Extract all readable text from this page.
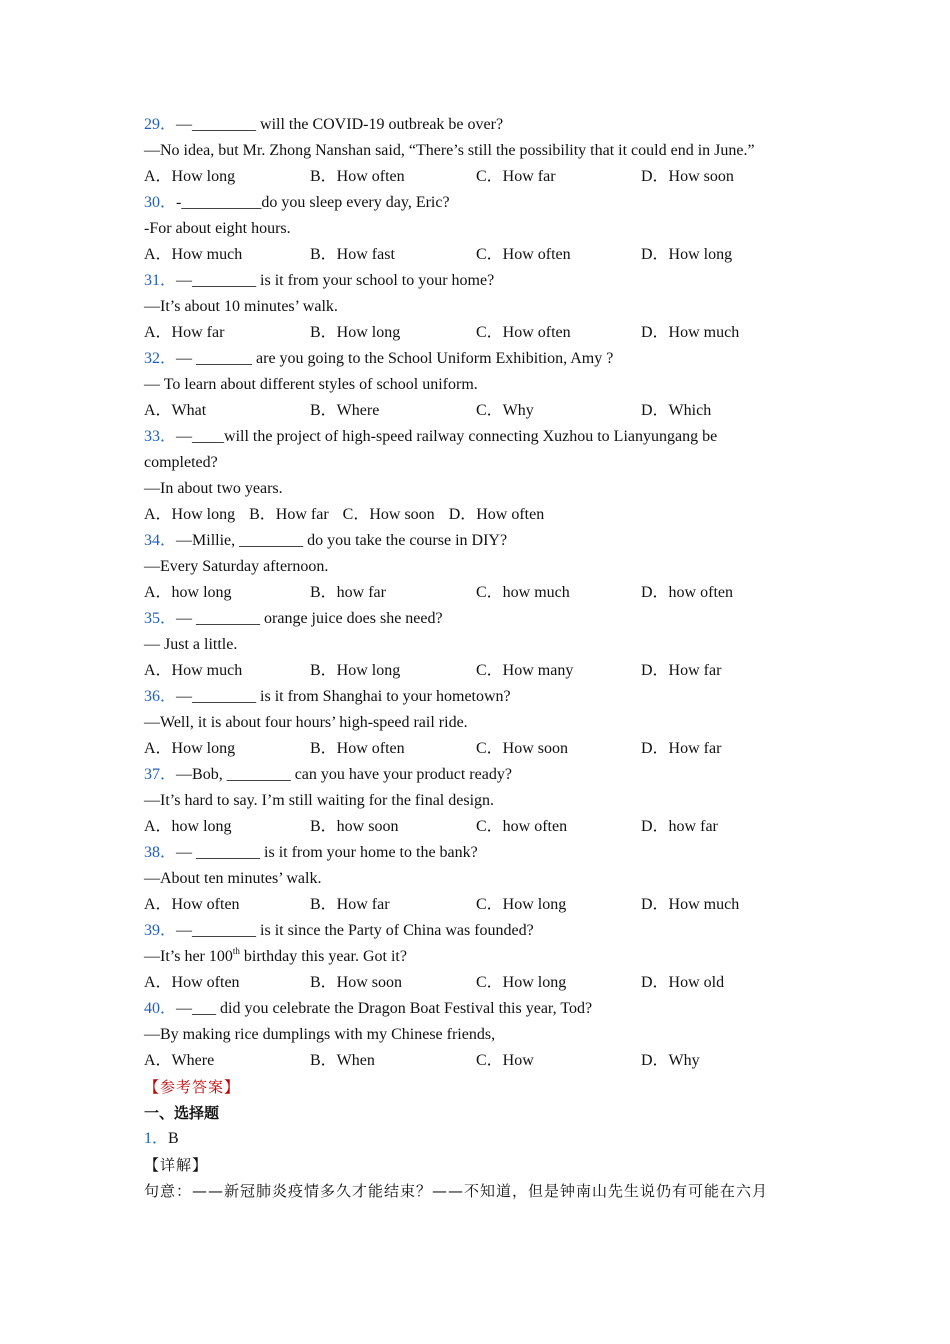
29．—________ will the COVID-19 outbreak be over?
—No idea, but Mr. Zhong Nanshan said, “There’s still the possibility that it could end in June.”
A．How long	B．How often	C．How far	D．How soon
30．-__________do you sleep every day, Eric?
-For about eight hours.
A．How much	B．How fast	C．How often	D．How long
31．—________ is it from your school to your home?
—It’s about 10 minutes’ walk.
A．How far	B．How long	C．How often	D．How much
32．— _______ are you going to the School Uniform Exhibition, Amy ?
— To learn about different styles of school uniform.
A．What	B．Where	C．Why	D．Which
33．—____will the project of high-speed railway connecting Xuzhou to Lianyungang be
completed?
—In about two years.
A．How long B．How far C．How soon D．How often
34．—Millie, ________ do you take the course in DIY?
—Every Saturday afternoon.
A．how long	B．how far	C．how much	D．how often
35．— ________ orange juice does she need?
— Just a little.
A．How much	B．How long	C．How many	D．How far
36．—________ is it from Shanghai to your hometown?
—Well, it is about four hours’ high-speed rail ride.
A．How long	B．How often	C．How soon	D．How far
37．—Bob, ________ can you have your product ready?
—It’s hard to say. I’m still waiting for the final design.
A．how long	B．how soon	C．how often	D．how far
38．— ________ is it from your home to the bank?
—About ten minutes’ walk.
A．How often	B．How far	C．How long	D．How much
39．—________ is it since the Party of China was founded?
—It’s her 100th birthday this year. Got it?
A．How often	B．How soon	C．How long	D．How old
40．—___ did you celebrate the Dragon Boat Festival this year, Tod?
—By making rice dumplings with my Chinese friends,
A．Where	B．When	C．How	D．Why
【参考答案】
一、选择题
1．B
【详解】
句意：——新冠肺炎疫情多久才能结束？——不知道，但是钟南山先生说仍有可能在六月
